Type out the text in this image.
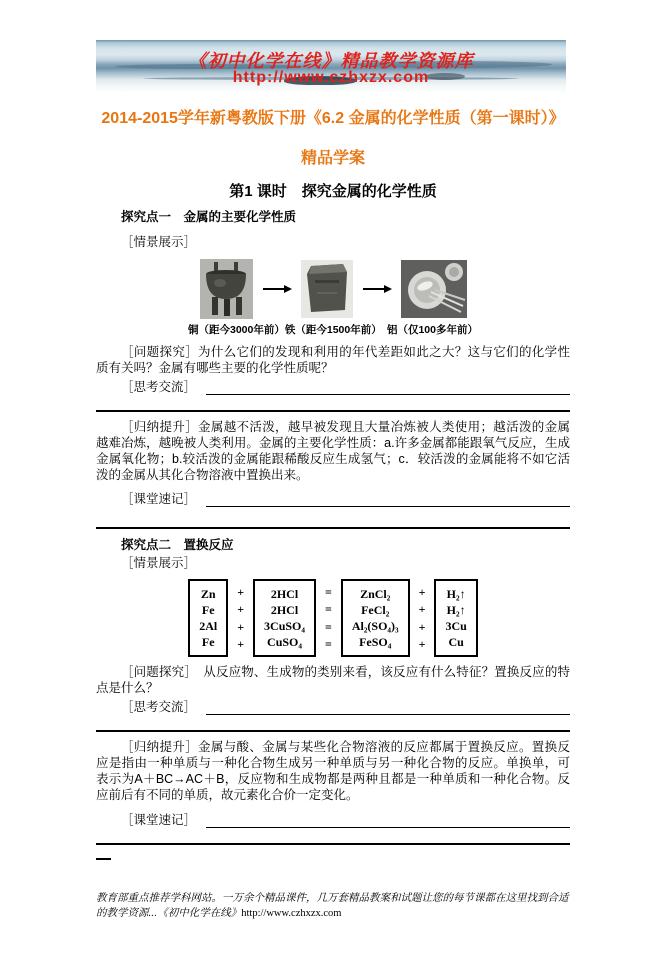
《初中化学在线》精品教学资源库
http://www.czhxzx.com
2014-2015学年新粤教版下册《6.2 金属的化学性质（第一课时）》
精品学案
第1 课时　探究金属的化学性质
探究点一　金属的主要化学性质
［情景展示］
铜（距今3000年前）铁（距今1500年前）　铝（仅100多年前）
［问题探究］为什么它们的发现和利用的年代差距如此之大？这与它们的化学性质有关吗？金属有哪些主要的化学性质呢？
［思考交流］
［归纳提升］金属越不活泼，越早被发现且大量冶炼被人类使用；越活泼的金属越难冶炼，越晚被人类利用。金属的主要化学性质：a.许多金属都能跟氧气反应，生成金属氧化物；b.较活泼的金属能跟稀酸反应生成氢气；c．较活泼的金属能将不如它活泼的金属从其化合物溶液中置换出来。
［课堂速记］
探究点二　置换反应
［情景展示］
Zn
Fe
2Al
Fe
+
+
+
+
2HCl
2HCl
3CuSO₄
CuSO₄
=
=
=
=
ZnCl₂
FeCl₂
Al₂(SO₄)₃
FeSO₄
+
+
+
+
H₂↑
H₂↑
3Cu
Cu
［问题探究］　从反应物、生成物的类别来看，该反应有什么特征？置换反应的特点是什么？
［思考交流］
［归纳提升］金属与酸、金属与某些化合物溶液的反应都属于置换反应。置换反应是指由一种单质与一种化合物生成另一种单质与另一种化合物的反应。单换单，可表示为A＋BC→AC＋B，反应物和生成物都是两种且都是一种单质和一种化合物。反应前后有不同的单质，故元素化合价一定变化。
［课堂速记］
教育部重点推荐学科网站。一万余个精品课件，几万套精品教案和试题让您的每节课都在这里找到合适的教学资源...《初中化学在线》http://www.czhxzx.com
